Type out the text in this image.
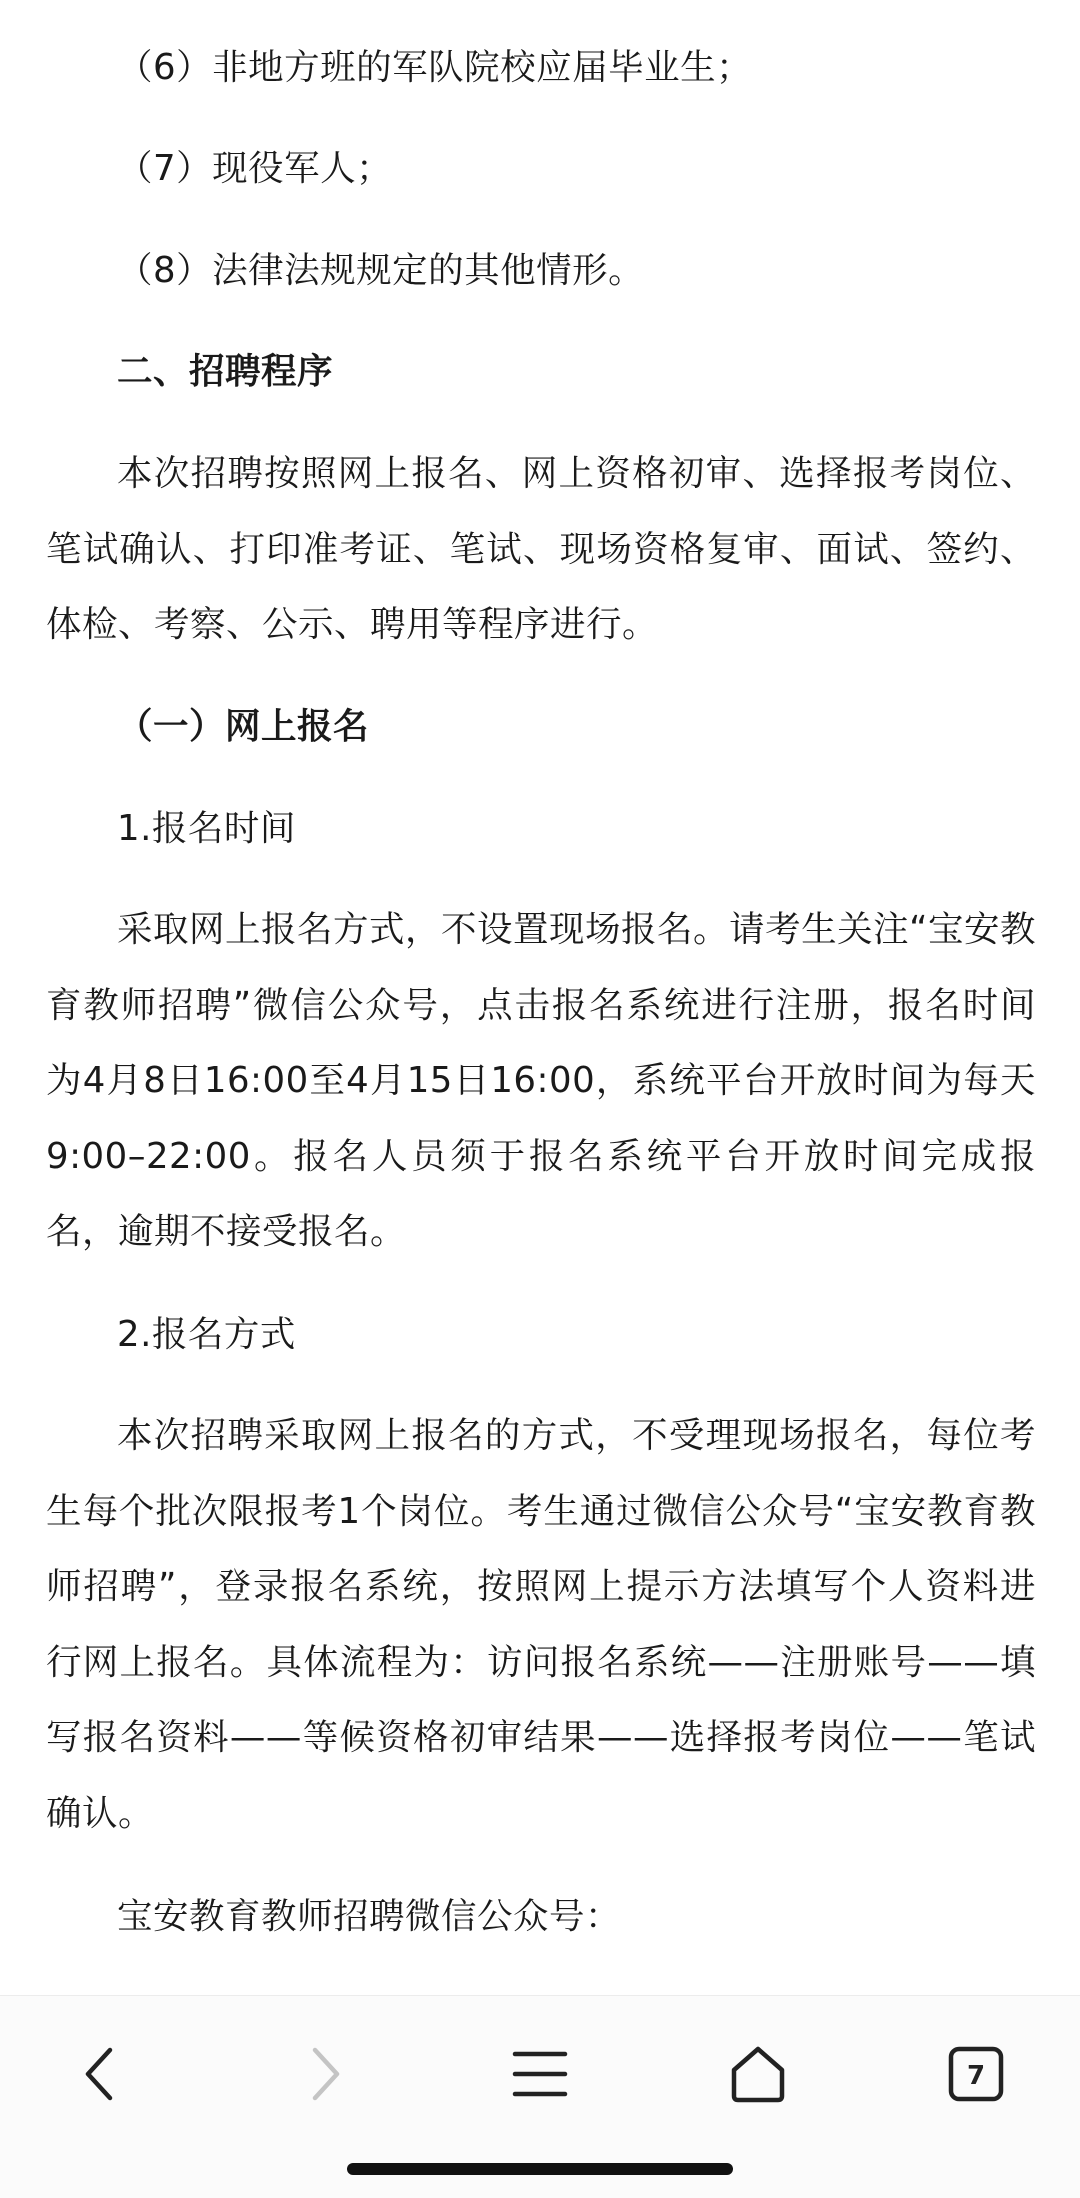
（6）非地方班的军队院校应届毕业生；

（7）现役军人；

（8）法律法规规定的其他情形。

二、招聘程序

本次招聘按照网上报名、网上资格初审、选择报考岗位、笔试确认、打印准考证、笔试、现场资格复审、面试、签约、体检、考察、公示、聘用等程序进行。

（一）网上报名

1.报名时间

采取网上报名方式，不设置现场报名。请考生关注“宝安教育教师招聘”微信公众号，点击报名系统进行注册，报名时间为4月8日16:00至4月15日16:00，系统平台开放时间为每天9:00–22:00。报名人员须于报名系统平台开放时间完成报名，逾期不接受报名。

2.报名方式

本次招聘采取网上报名的方式，不受理现场报名，每位考生每个批次限报考1个岗位。考生通过微信公众号“宝安教育教师招聘”，登录报名系统，按照网上提示方法填写个人资料进行网上报名。具体流程为：访问报名系统——注册账号——填写报名资料——等候资格初审结果——选择报考岗位——笔试确认。

宝安教育教师招聘微信公众号：

7
